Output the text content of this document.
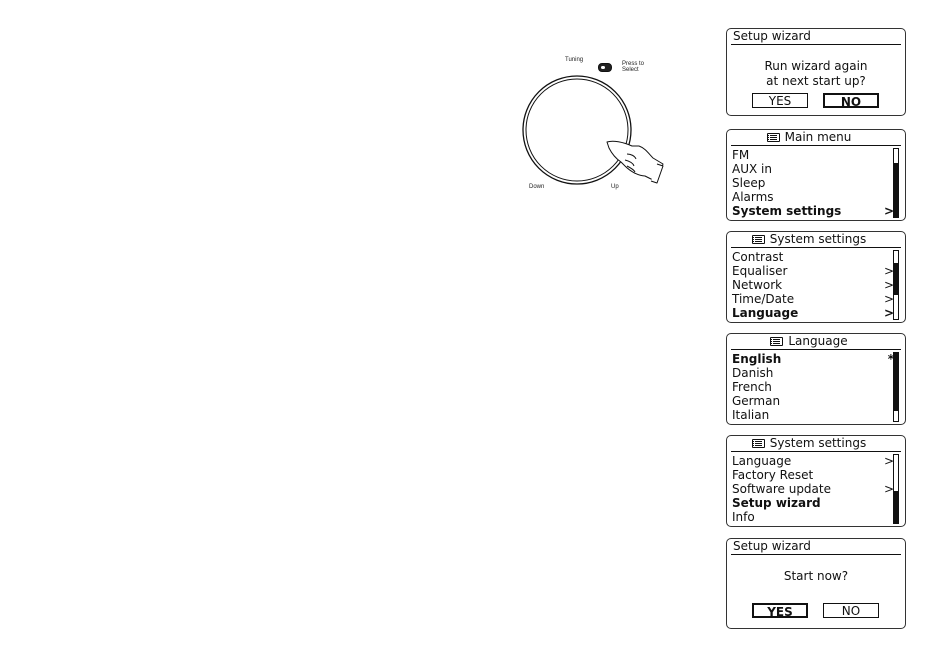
Tuning
Press to
Select
Down	Up
Setup wizard
Run wizard again
at next start up?
YES	NO
Main menu
FM
AUX in
Sleep
Alarms
System settings	>
System settings
Contrast
Equaliser	>
Network	>
Time/Date	>
Language	>
Language
English	*
Danish
French
German
Italian
System settings
Language	>
Factory Reset
Software update	>
Setup wizard
Info
Setup wizard
Start now?
YES	NO
